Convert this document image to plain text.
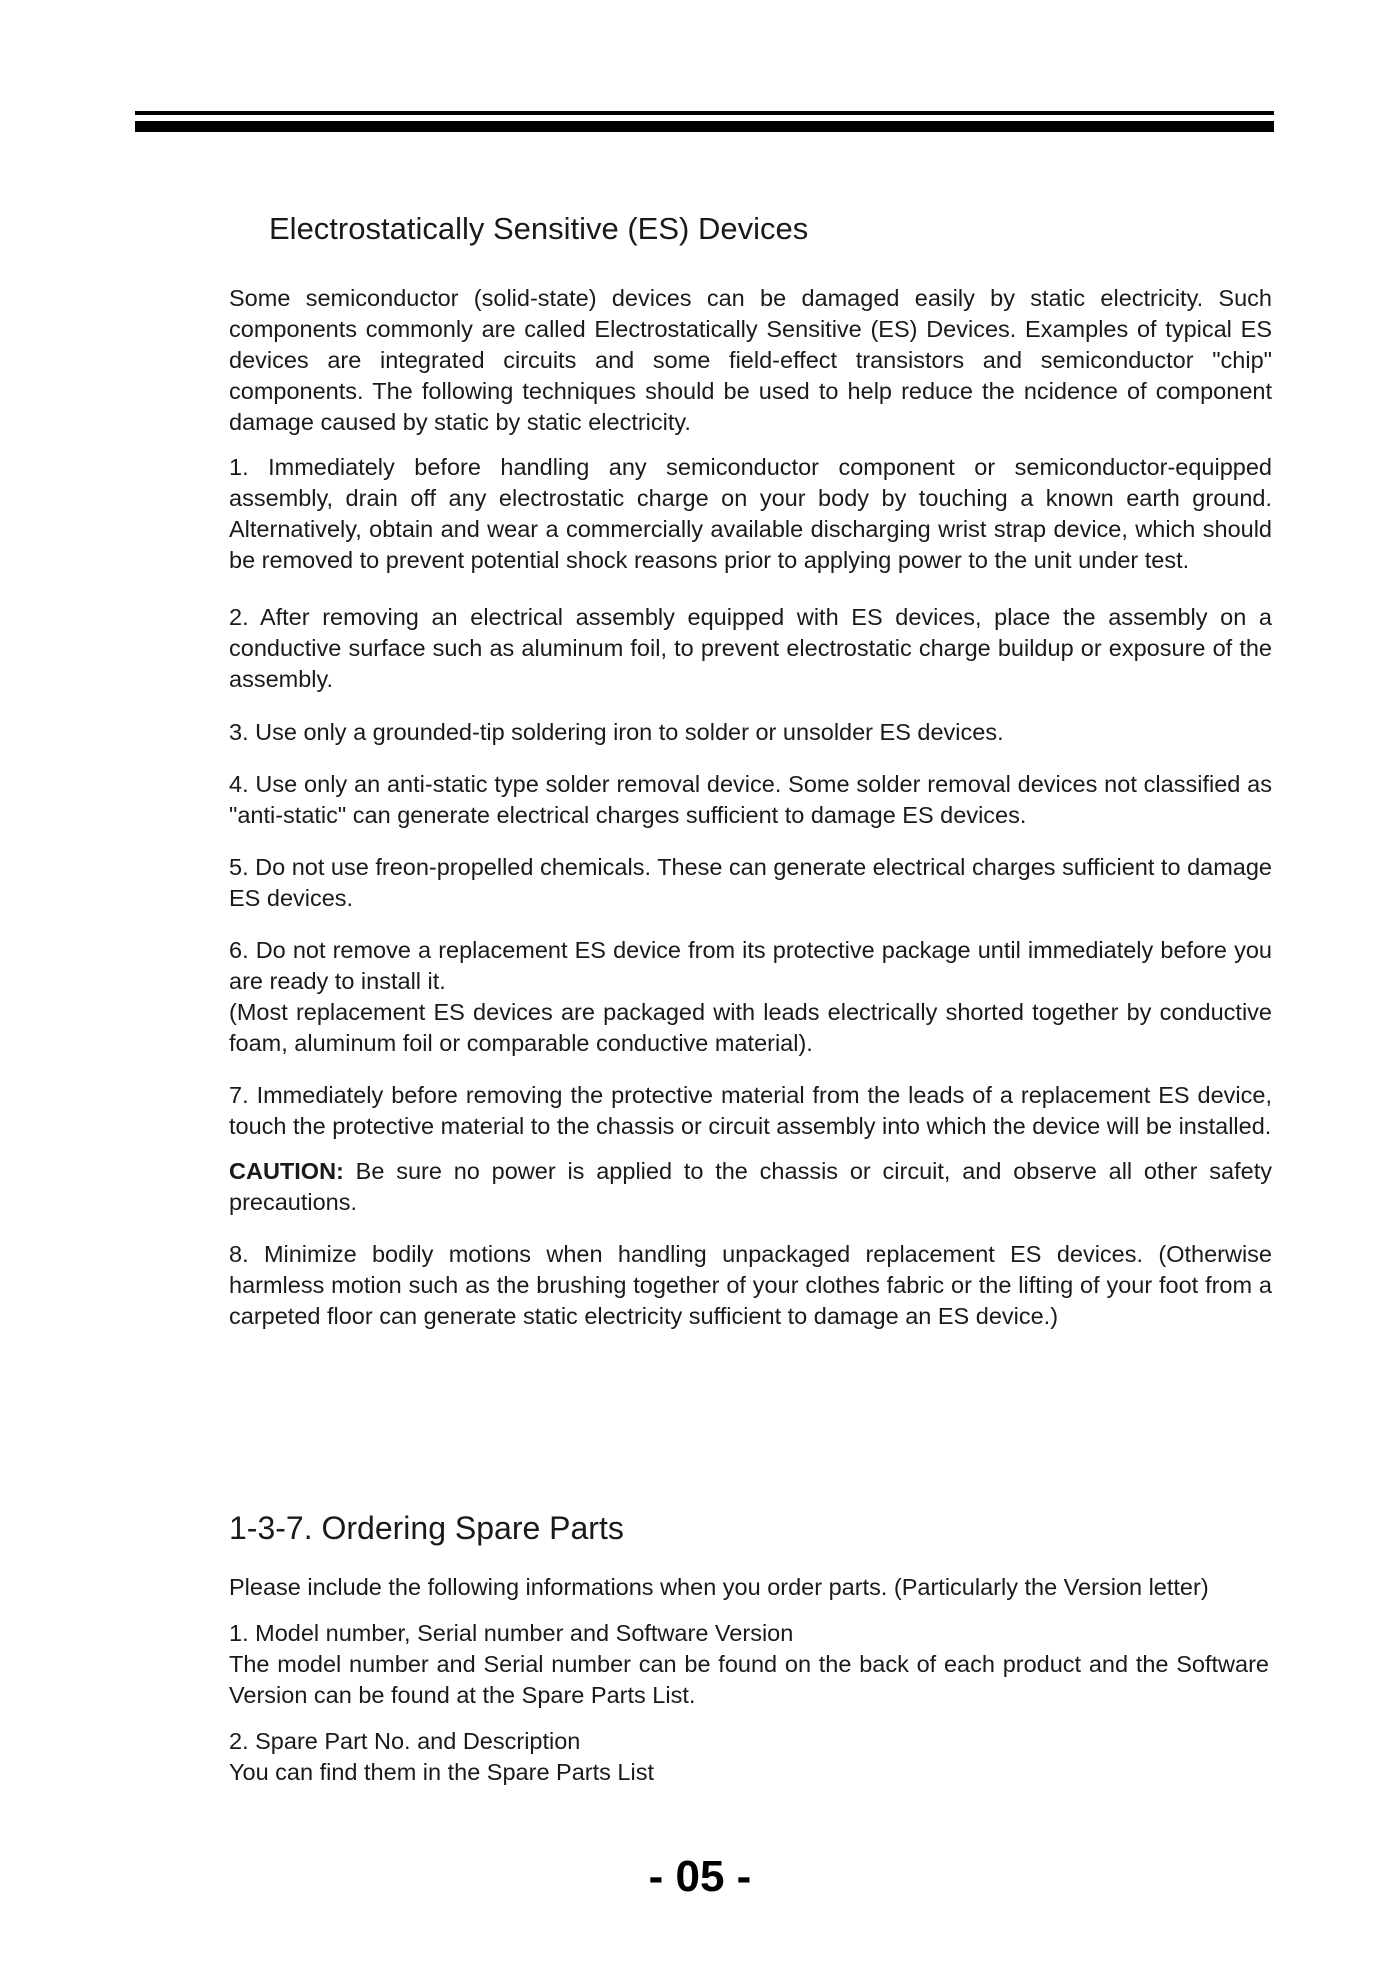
Electrostatically Sensitive (ES) Devices

Some semiconductor (solid-state) devices can be damaged easily by static electricity. Such components commonly are called Electrostatically Sensitive (ES) Devices. Examples of typical ES devices are integrated circuits and some field-effect transistors and semiconductor "chip" components. The following techniques should be used to help reduce the ncidence of component damage caused by static by static electricity.

1. Immediately before handling any semiconductor component or semiconductor-equipped assembly, drain off any electrostatic charge on your body by touching a known earth ground. Alternatively, obtain and wear a commercially available discharging wrist strap device, which should be removed to prevent potential shock reasons prior to applying power to the unit under test.

2. After removing an electrical assembly equipped with ES devices, place the assembly on a conductive surface such as aluminum foil, to prevent electrostatic charge buildup or exposure of the assembly.

3. Use only a grounded-tip soldering iron to solder or unsolder ES devices.

4. Use only an anti-static type solder removal device. Some solder removal devices not classified as "anti-static" can generate electrical charges sufficient to damage ES devices.

5. Do not use freon-propelled chemicals. These can generate electrical charges sufficient to damage ES devices.

6. Do not remove a replacement ES device from its protective package until immediately before you are ready to install it.

(Most replacement ES devices are packaged with leads electrically shorted together by conductive foam, aluminum foil or comparable conductive material).

7. Immediately before removing the protective material from the leads of a replacement ES device, touch the protective material to the chassis or circuit assembly into which the device will be installed.

CAUTION: Be sure no power is applied to the chassis or circuit, and observe all other safety precautions.

8. Minimize bodily motions when handling unpackaged replacement ES devices. (Otherwise harmless motion such as the brushing together of your clothes fabric or the lifting of your foot from a carpeted floor can generate static electricity sufficient to damage an ES device.)

1-3-7. Ordering Spare Parts

Please include the following informations when you order parts. (Particularly the Version letter)

1. Model number, Serial number and Software Version
The model number and Serial number can be found on the back of each product and the Software Version can be found at the Spare Parts List.

2. Spare Part No. and Description
You can find them in the Spare Parts List

- 05 -
